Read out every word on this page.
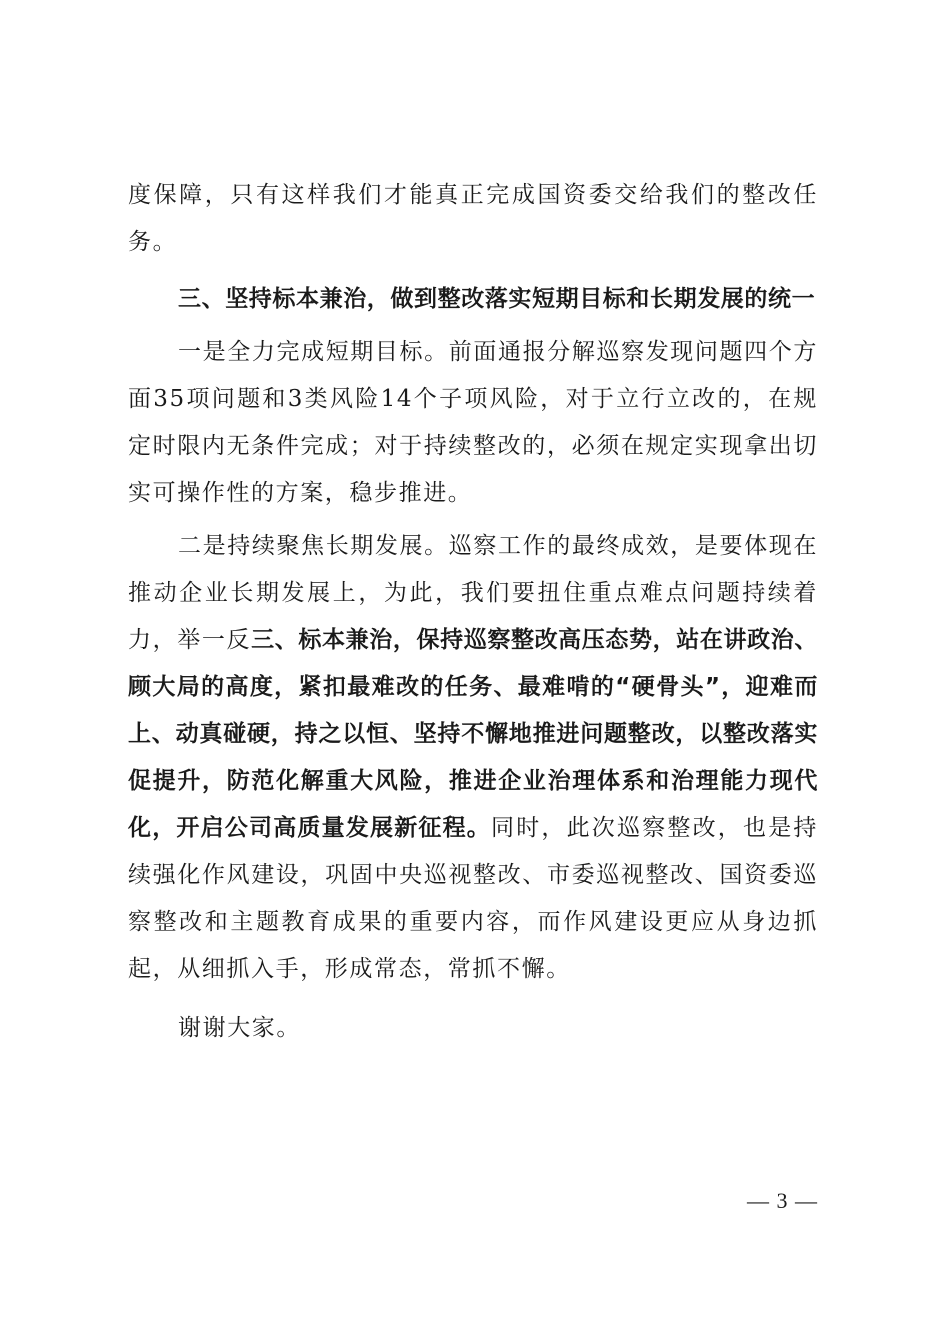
度保障，只有这样我们才能真正完成国资委交给我们的整改任务。

三、坚持标本兼治，做到整改落实短期目标和长期发展的统一

一是全力完成短期目标。前面通报分解巡察发现问题四个方面35项问题和3类风险14个子项风险，对于立行立改的，在规定时限内无条件完成；对于持续整改的，必须在规定实现拿出切实可操作性的方案，稳步推进。

二是持续聚焦长期发展。巡察工作的最终成效，是要体现在推动企业长期发展上，为此，我们要扭住重点难点问题持续着力，举一反三、标本兼治，保持巡察整改高压态势，站在讲政治、顾大局的高度，紧扣最难改的任务、最难啃的“硬骨头”，迎难而上、动真碰硬，持之以恒、坚持不懈地推进问题整改，以整改落实促提升，防范化解重大风险，推进企业治理体系和治理能力现代化，开启公司高质量发展新征程。同时，此次巡察整改，也是持续强化作风建设，巩固中央巡视整改、市委巡视整改、国资委巡察整改和主题教育成果的重要内容，而作风建设更应从身边抓起，从细抓入手，形成常态，常抓不懈。

谢谢大家。

— 3 —
